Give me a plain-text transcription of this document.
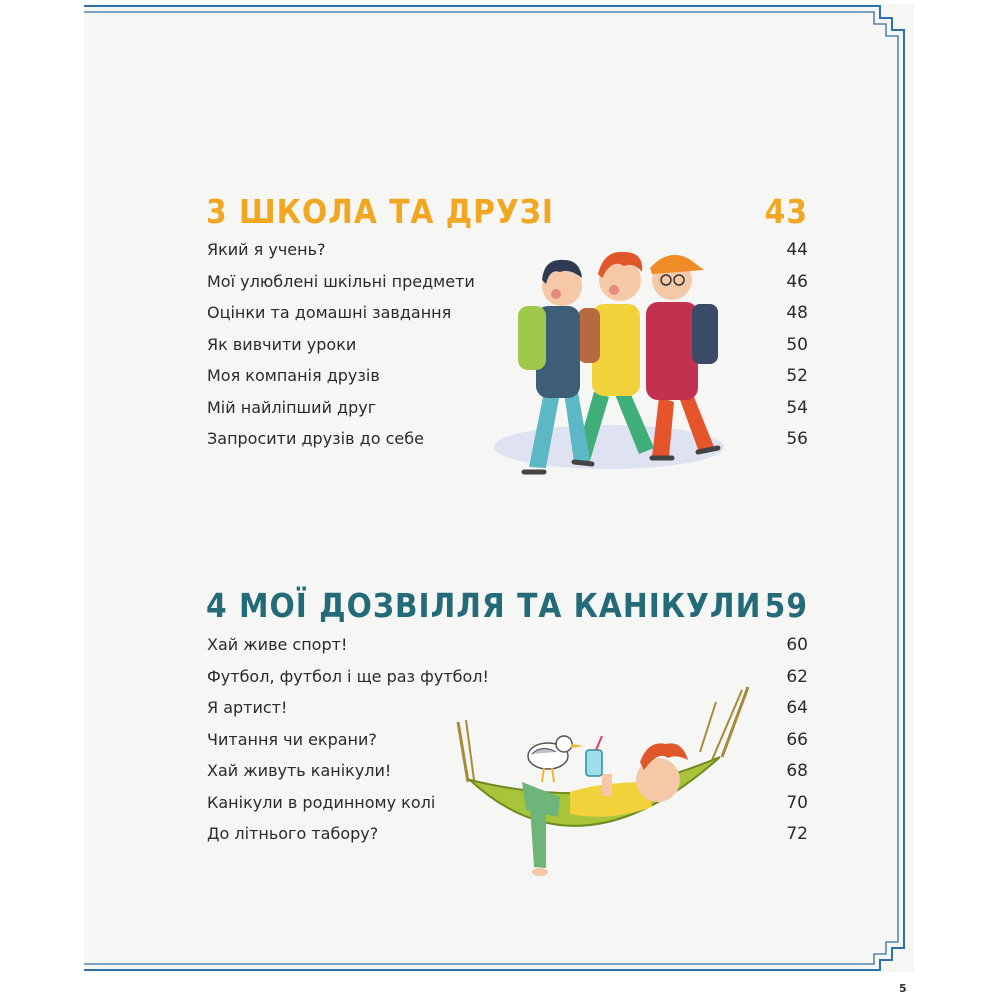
3 ШКОЛА ТА ДРУЗІ	43
Який я учень?	44
Мої улюблені шкільні предмети	46
Оцінки та домашні завдання	48
Як вивчити уроки	50
Моя компанія друзів	52
Мій найліпший друг	54
Запросити друзів до себе	56
4 МОЇ ДОЗВІЛЛЯ ТА КАНІКУЛИ 59
Хай живе спорт!	60
Футбол, футбол і ще раз футбол!	62
Я артист!	64
Читання чи екрани?	66
Хай живуть канікули!	68
Канікули в родинному колі	70
До літнього табору?	72
5
